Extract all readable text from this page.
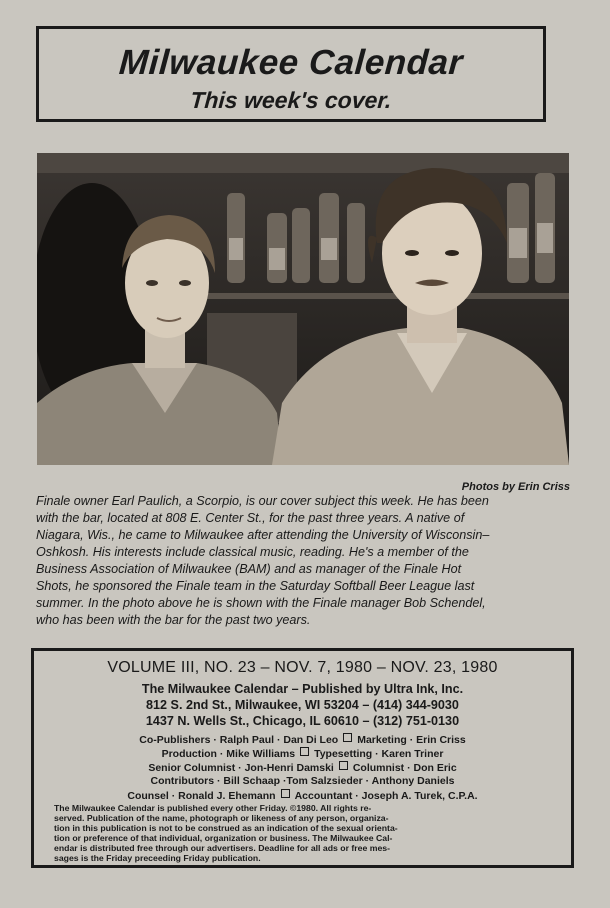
Milwaukee Calendar
This week's cover.
Photos by Erin Criss
Finale owner Earl Paulich, a Scorpio, is our cover subject this week. He has been
with the bar, located at 808 E. Center St., for the past three years. A native of
Niagara, Wis., he came to Milwaukee after attending the University of Wisconsin–
Oshkosh. His interests include classical music, reading. He's a member of the
Business Association of Milwaukee (BAM) and as manager of the Finale Hot
Shots, he sponsored the Finale team in the Saturday Softball Beer League last
summer. In the photo above he is shown with the Finale manager Bob Schendel,
who has been with the bar for the past two years.
VOLUME III, NO. 23 – NOV. 7, 1980 – NOV. 23, 1980
The Milwaukee Calendar – Published by Ultra Ink, Inc.
812 S. 2nd St., Milwaukee, WI 53204 – (414) 344-9030
1437 N. Wells St., Chicago, IL 60610 – (312) 751-0130
Co-Publishers · Ralph Paul · Dan Di Leo Marketing · Erin Criss
Production · Mike Williams Typesetting · Karen Triner
Senior Columnist · Jon-Henri Damski Columnist · Don Eric
Contributors · Bill Schaap ·Tom Salzsieder · Anthony Daniels
Counsel · Ronald J. Ehemann Accountant · Joseph A. Turek, C.P.A.
The Milwaukee Calendar is published every other Friday. ©1980. All rights re-
served. Publication of the name, photograph or likeness of any person, organiza-
tion in this publication is not to be construed as an indication of the sexual orienta-
tion or preference of that individual, organization or business. The Milwaukee Cal-
endar is distributed free through our advertisers. Deadline for all ads or free mes-
sages is the Friday preceeding Friday publication.
